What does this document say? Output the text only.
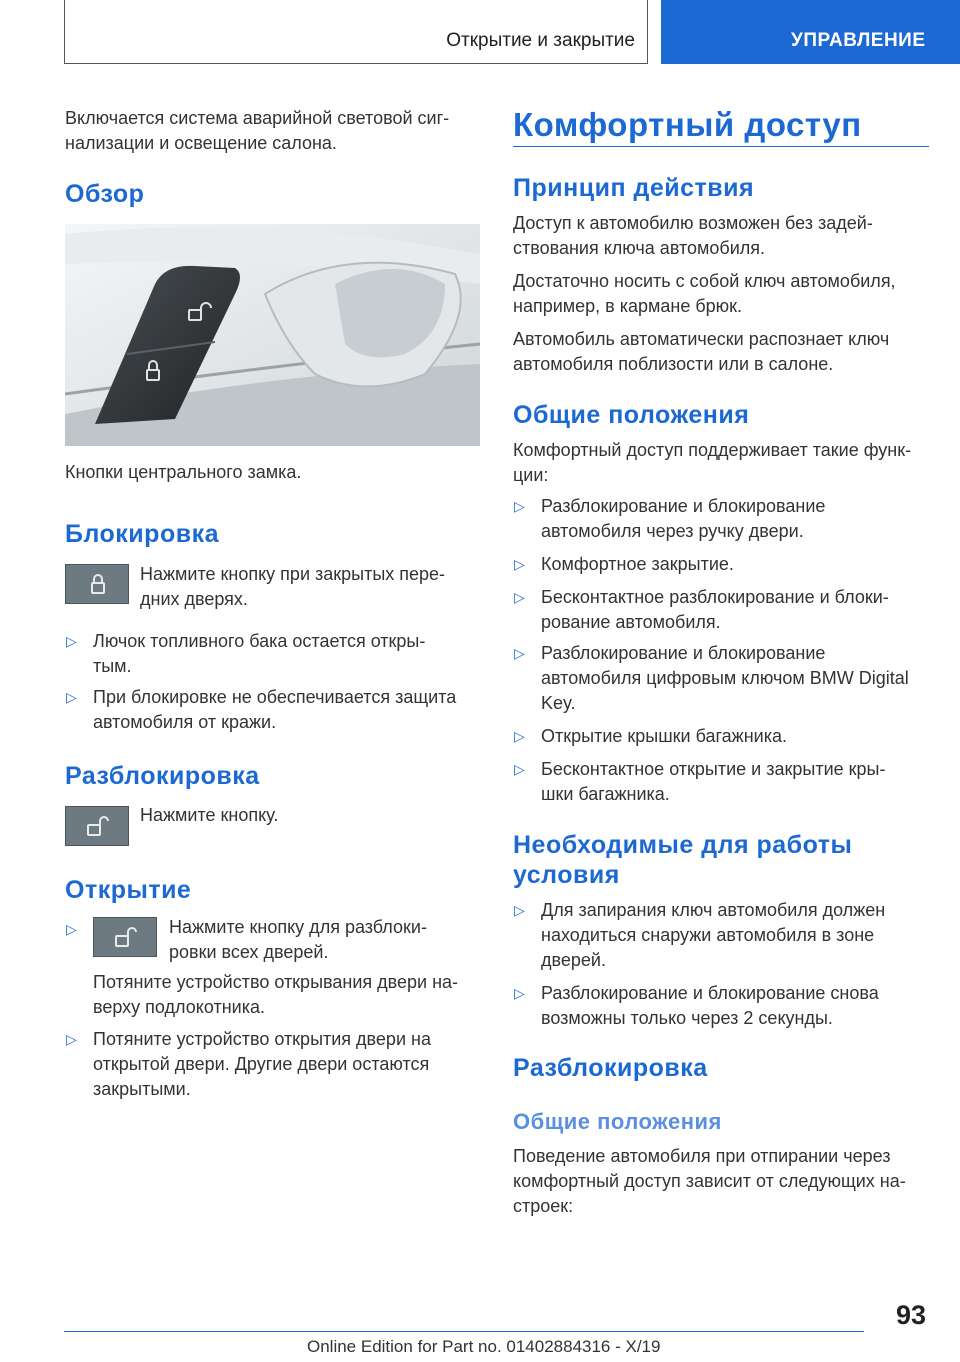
Открытие и закрытие	УПРАВЛЕНИЕ

Включается система аварийной световой сиг-

нализации и освещение салона.

Обзор

Кнопки центрального замка.

Блокировка

Нажмите кнопку при закрытых пере-

дних дверях.

▷ Лючок топливного бака остается откры-

тым.

▷ При блокировке не обеспечивается защита

автомобиля от кражи.

Разблокировка

Нажмите кнопку.

Открытие
▷	Нажмите кнопку для разблоки-

ровки всех дверей.

Потяните устройство открывания двери на-

верху подлокотника.

▷ Потяните устройство открытия двери на

открытой двери. Другие двери остаются

закрытыми.

Комфортный доступ
Принцип действия

Доступ к автомобилю возможен без задей-

ствования ключа автомобиля.

Достаточно носить с собой ключ автомобиля,

например, в кармане брюк.

Автомобиль автоматически распознает ключ

автомобиля поблизости или в салоне.

Общие положения

Комфортный доступ поддерживает такие функ-

ции:

▷ Разблокирование и блокирование

автомобиля через ручку двери.

▷ Комфортное закрытие.

▷ Бесконтактное разблокирование и блоки-

рование автомобиля.

▷ Разблокирование и блокирование

автомобиля цифровым ключом BMW Digital

Key.

▷ Открытие крышки багажника.

▷ Бесконтактное открытие и закрытие кры-

шки багажника.

Необходимые для работы
условия
▷ Для запирания ключ автомобиля должен

находиться снаружи автомобиля в зоне

дверей.

▷ Разблокирование и блокирование снова

возможны только через 2 секунды.

Разблокировка
Общие положения

Поведение автомобиля при отпирании через

комфортный доступ зависит от следующих на-

строек:

93
Online Edition for Part no. 01402884316 - X/19
